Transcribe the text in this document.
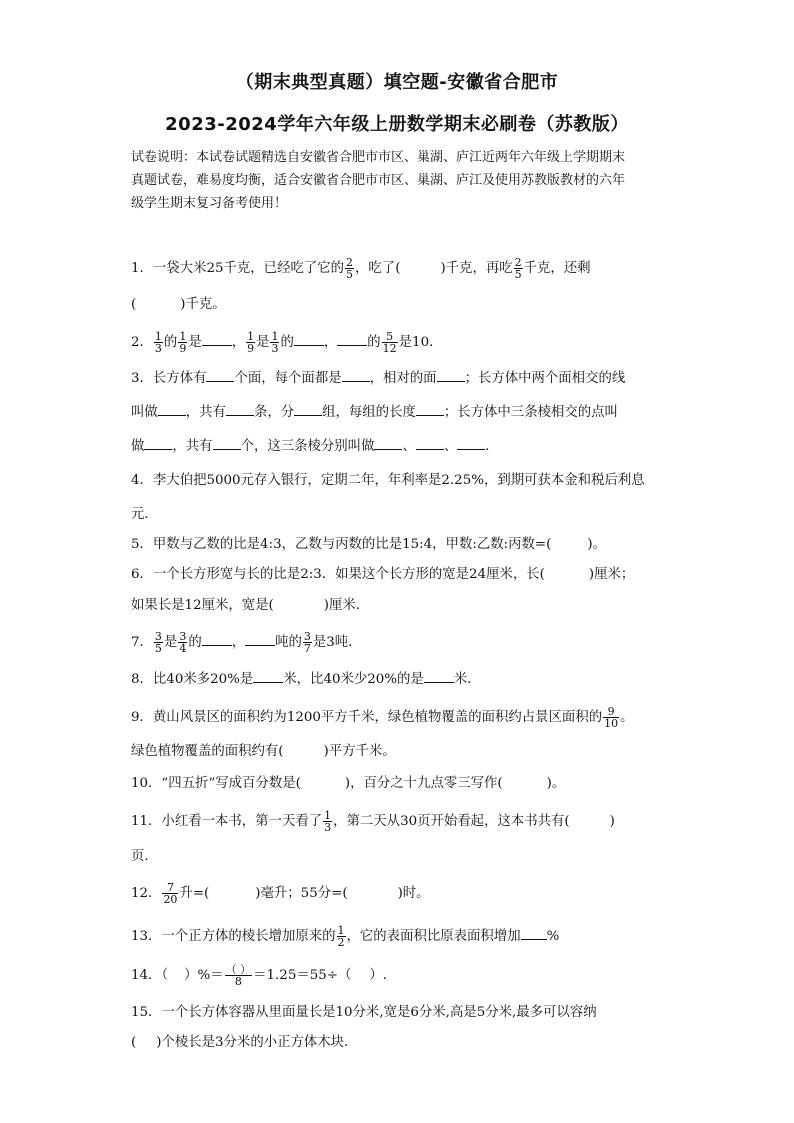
（期末典型真题）填空题-安徽省合肥市
2023-2024学年六年级上册数学期末必刷卷（苏教版）
试卷说明：本试卷试题精选自安徽省合肥市市区、巢湖、庐江近两年六年级上学期期末
真题试卷，难易度均衡，适合安徽省合肥市市区、巢湖、庐江及使用苏教版教材的六年
级学生期末复习备考使用！
1．一袋大米25千克，已经吃了它的 $\frac{2}{5}$ ，吃了(	)千克，再吃 $\frac{2}{5}$ 千克，还剩
(	)千克。
2． $\frac{1}{3}$ 的 $\frac{1}{9}$ 是 ， $\frac{1}{9}$ 是 $\frac{1}{3}$ 的 ， 的 $\frac{5}{12}$ 是10．
3．长方体有 个面，每个面都是 ，相对的面 ；长方体中两个面相交的线
叫做 ，共有 条，分 组，每组的长度 ；长方体中三条棱相交的点叫
做 ，共有 个，这三条棱分别叫做 、 、 ．
4．李大伯把5000元存入银行，定期二年，年利率是2.25%，到期可获本金和税后利息
元．
5．甲数与乙数的比是4:3，乙数与丙数的比是15:4，甲数:乙数:丙数=(	)。
6．一个长方形宽与长的比是2:3．如果这个长方形的宽是24厘米，长(	)厘米；
如果长是12厘米，宽是(	)厘米．
7． $\frac{3}{5}$ 是 $\frac{3}{4}$ 的 ， 吨的 $\frac{3}{7}$ 是3吨．
8．比40米多20%是 米，比40米少20%的是 米．
9．黄山风景区的面积约为1200平方千米，绿色植物覆盖的面积约占景区面积的 $\frac{9}{10}$ 。
绿色植物覆盖的面积约有(	)平方千米。
10．“四五折”写成百分数是(	)，百分之十九点零三写作(	)。
11．小红看一本书，第一天看了 $\frac{1}{3}$ ，第二天从30页开始看起，这本书共有(	)
页．
12． $\frac{7}{20}$ 升=(	)毫升；55分=(	)时。
13．一个正方体的棱长增加原来的 $\frac{1}{2}$ ，它的表面积比原表面积增加 %
14．（ ）%＝ $\frac{( )}{8} =1.25=55\div$（ ）.
15．一个长方体容器从里面量长是10分米,宽是6分米,高是5分米,最多可以容纳
( )个棱长是3分米的小正方体木块．
